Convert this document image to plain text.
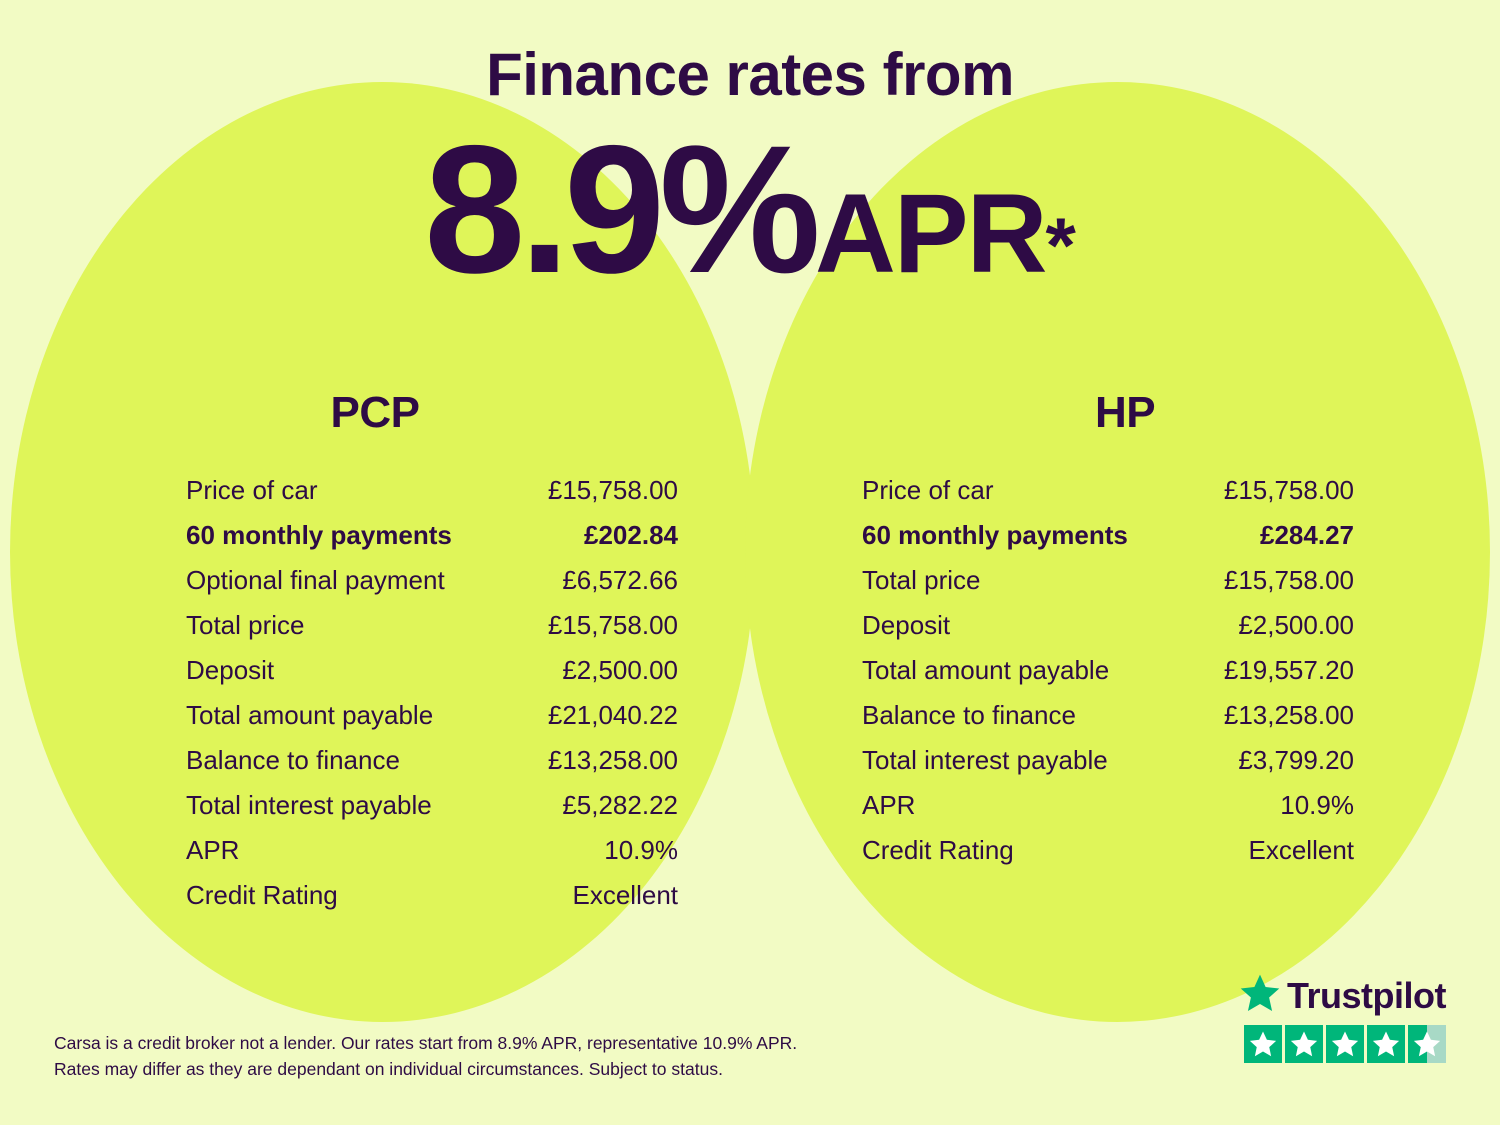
Finance rates from
8.9%APR*
PCP
Price of car	£15,758.00
60 monthly payments	£202.84
Optional final payment	£6,572.66
Total price	£15,758.00
Deposit	£2,500.00
Total amount payable	£21,040.22
Balance to finance	£13,258.00
Total interest payable	£5,282.22
APR	10.9%
Credit Rating	Excellent
HP
Price of car	£15,758.00
60 monthly payments	£284.27
Total price	£15,758.00
Deposit	£2,500.00
Total amount payable	£19,557.20
Balance to finance	£13,258.00
Total interest payable	£3,799.20
APR	10.9%
Credit Rating	Excellent
Carsa is a credit broker not a lender. Our rates start from 8.9% APR, representative 10.9% APR.
Rates may differ as they are dependant on individual circumstances. Subject to status.
Trustpilot
